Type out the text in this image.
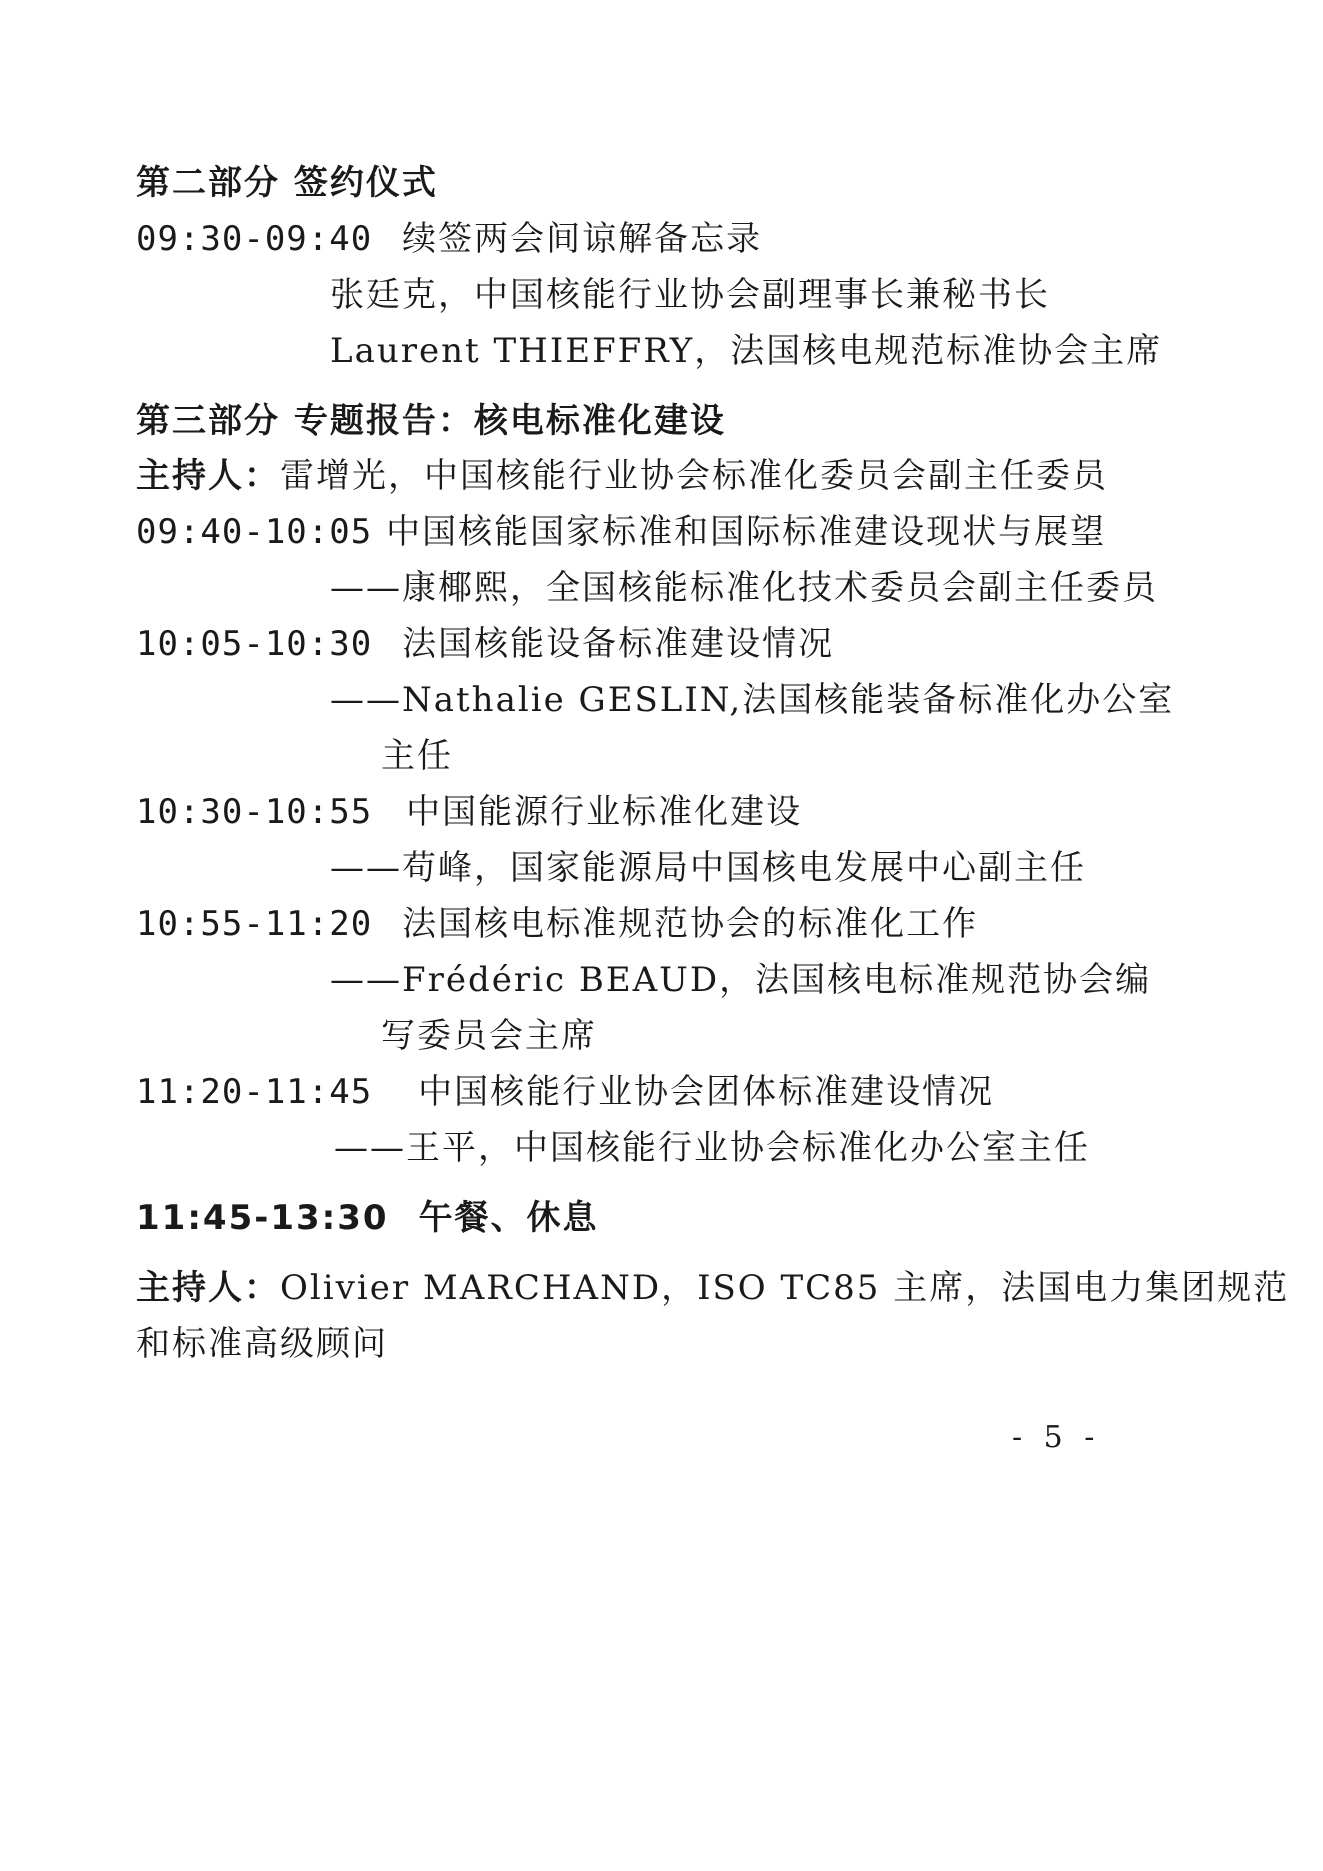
第二部分 签约仪式
09:30-09:40 续签两会间谅解备忘录
张廷克，中国核能行业协会副理事长兼秘书长
Laurent THIEFFRY，法国核电规范标准协会主席
第三部分 专题报告：核电标准化建设
主持人：雷增光，中国核能行业协会标准化委员会副主任委员
09:40-10:05 中国核能国家标准和国际标准建设现状与展望
——康椰熙，全国核能标准化技术委员会副主任委员
10:05-10:30 法国核能设备标准建设情况
——Nathalie GESLIN,法国核能装备标准化办公室
主任
10:30-10:55 中国能源行业标准化建设
——苟峰，国家能源局中国核电发展中心副主任
10:55-11:20 法国核电标准规范协会的标准化工作
——Frédéric BEAUD，法国核电标准规范协会编
写委员会主席
11:20-11:45 中国核能行业协会团体标准建设情况
——王平，中国核能行业协会标准化办公室主任
11:45-13:30 午餐、休息
主持人：Olivier MARCHAND，ISO TC85 主席，法国电力集团规范
和标准高级顾问
- 5 -
